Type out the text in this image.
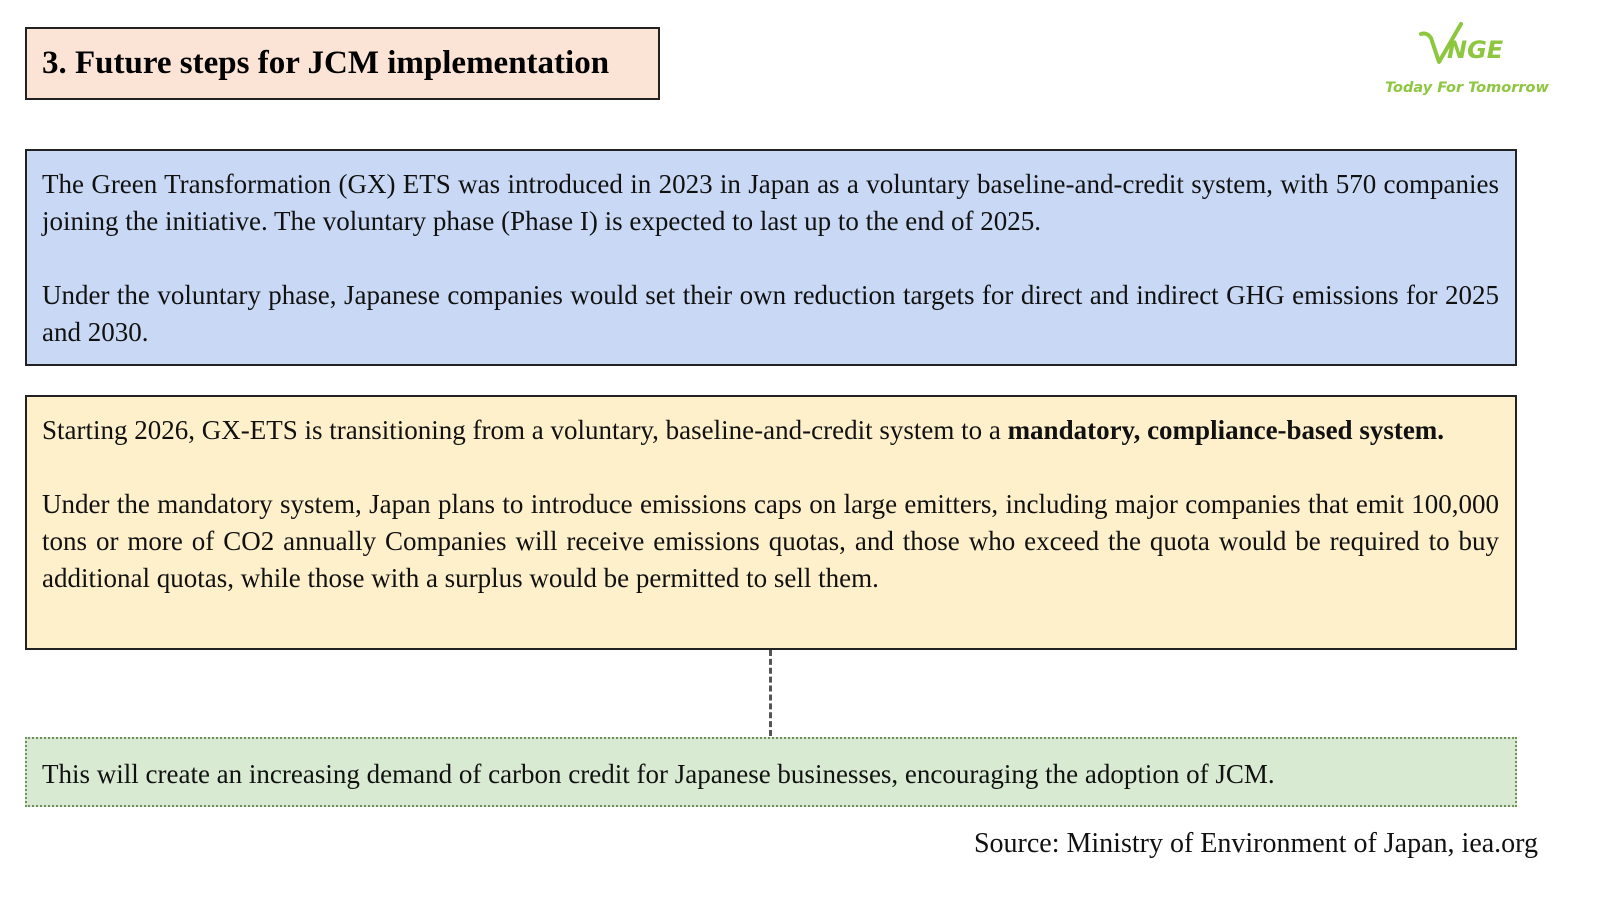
3. Future steps for JCM implementation	NGE
Today For Tomorrow

The Green Transformation (GX) ETS was introduced in 2023 in Japan as a voluntary baseline-and-credit system, with 570 companies joining the initiative. The voluntary phase (Phase I) is expected to last up to the end of 2025.

Under the voluntary phase, Japanese companies would set their own reduction targets for direct and indirect GHG emissions for 2025 and 2030.

Starting 2026, GX-ETS is transitioning from a voluntary, baseline-and-credit system to a mandatory, compliance-based system.

Under the mandatory system, Japan plans to introduce emissions caps on large emitters, including major companies that emit 100,000 tons or more of CO2 annually Companies will receive emissions quotas, and those who exceed the quota would be required to buy additional quotas, while those with a surplus would be permitted to sell them.

This will create an increasing demand of carbon credit for Japanese businesses, encouraging the adoption of JCM.

Source: Ministry of Environment of Japan, iea.org
